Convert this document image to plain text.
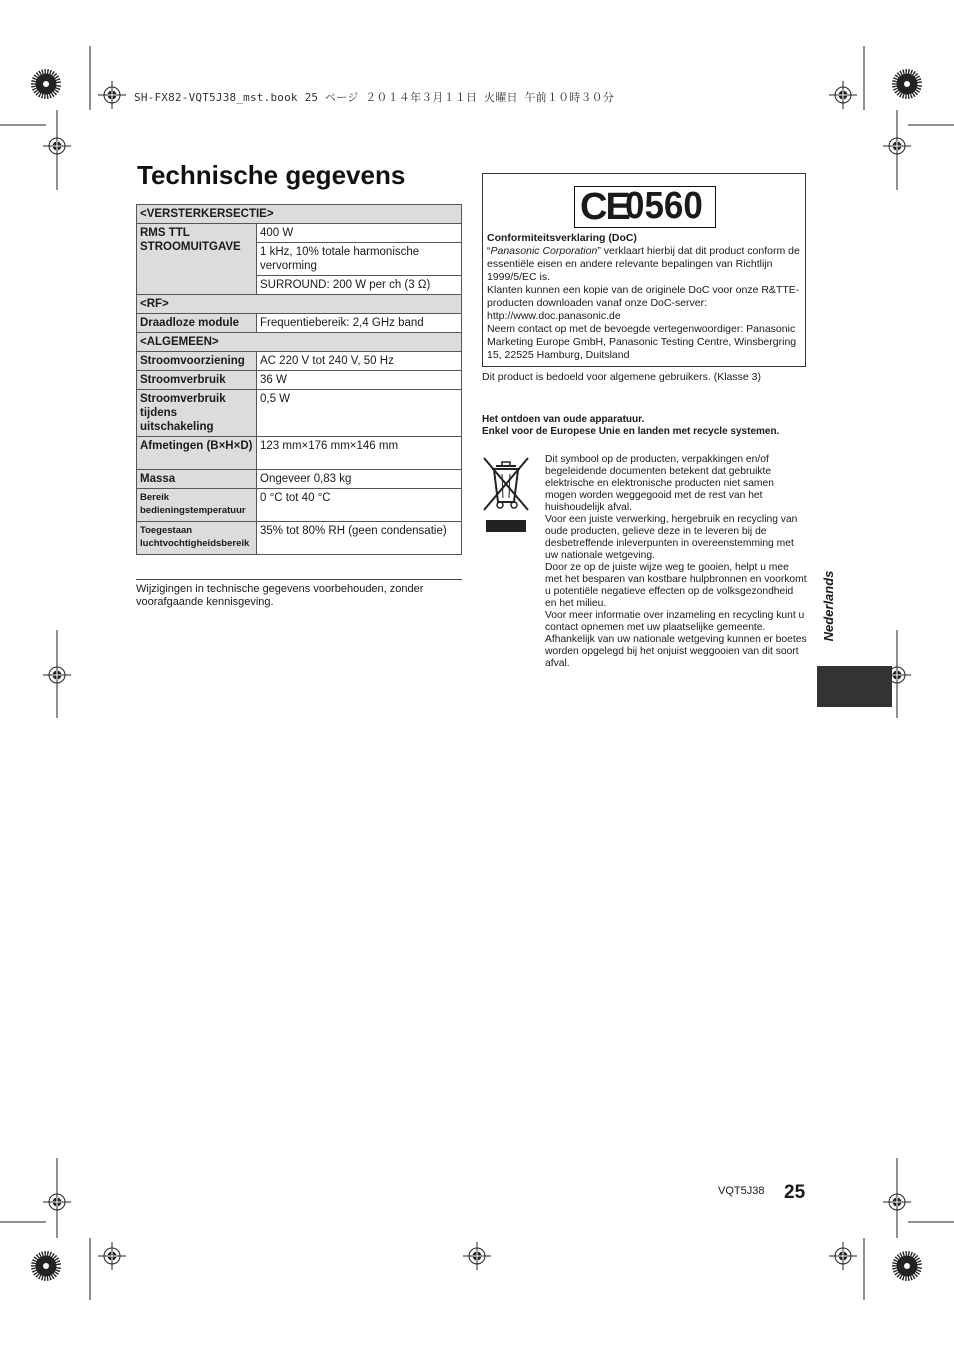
SH-FX82-VQT5J38_mst.book 25 ページ ２０１４年３月１１日 火曜日 午前１０時３０分
Technische gegevens
<VERSTERKERSECTIE>	
RMS TTL STROOMUITGAVE	400 W
	1 kHz, 10% totale harmonische vervorming
	SURROUND: 200 W per ch (3 Ω)
<RF>	
Draadloze module	Frequentiebereik: 2,4 GHz band
<ALGEMEEN>	
Stroomvoorziening	AC 220 V tot 240 V, 50 Hz
Stroomverbruik	36 W
Stroomverbruik tijdens uitschakeling	0,5 W
Afmetingen (B×H×D)	123 mm×176 mm×146 mm
Massa	Ongeveer 0,83 kg
Bereik bedieningstemperatuur	0 °C tot 40 °C
Toegestaan luchtvochtigheidsbereik	35% tot 80% RH (geen condensatie)
Wijzigingen in technische gegevens voorbehouden, zonder voorafgaande kennisgeving.
CE
0560
Conformiteitsverklaring (DoC)
“Panasonic Corporation” verklaart hierbij dat dit product conform de essentiële eisen en andere relevante bepalingen van Richtlijn 1999/5/EC is.
Klanten kunnen een kopie van de originele DoC voor onze R&TTE-producten downloaden vanaf onze DoC-server:
http://www.doc.panasonic.de
Neem contact op met de bevoegde vertegenwoordiger: Panasonic Marketing Europe GmbH, Panasonic Testing Centre, Winsbergring 15, 22525 Hamburg, Duitsland
Dit product is bedoeld voor algemene gebruikers. (Klasse 3)
Het ontdoen van oude apparatuur.
Enkel voor de Europese Unie en landen met recycle systemen.
Dit symbool op de producten, verpakkingen en/of begeleidende documenten betekent dat gebruikte elektrische en elektronische producten niet samen mogen worden weggegooid met de rest van het huishoudelijk afval.
Voor een juiste verwerking, hergebruik en recycling van oude producten, gelieve deze in te leveren bij de desbetreffende inleverpunten in overeenstemming met uw nationale wetgeving.
Door ze op de juiste wijze weg te gooien, helpt u mee met het besparen van kostbare hulpbronnen en voorkomt u potentiële negatieve effecten op de volksgezondheid en het milieu.
Voor meer informatie over inzameling en recycling kunt u contact opnemen met uw plaatselijke gemeente.
Afhankelijk van uw nationale wetgeving kunnen er boetes worden opgelegd bij het onjuist weggooien van dit soort afval.
Nederlands
VQT5J38 25
